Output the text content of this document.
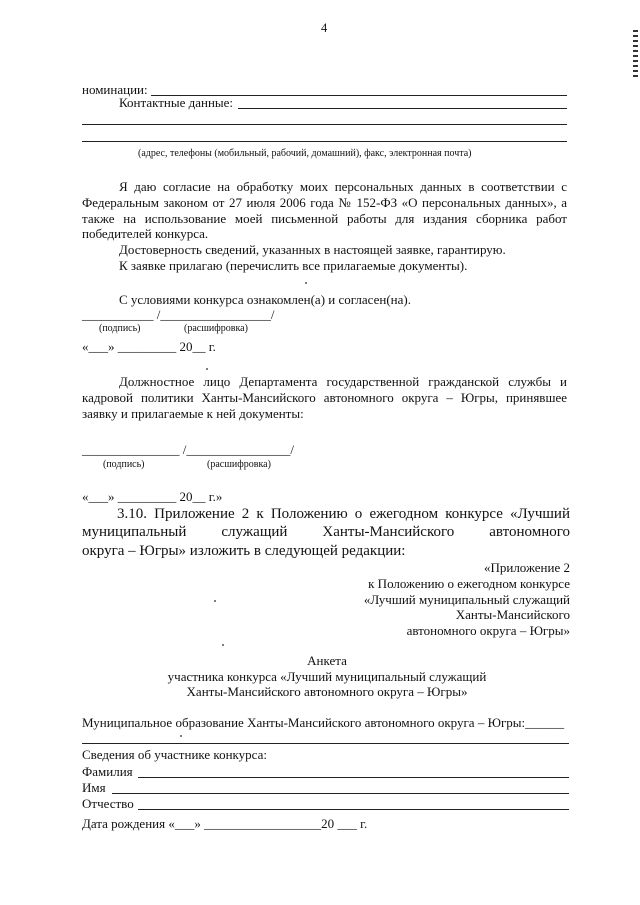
4
номинации:
Контактные данные:
(адрес, телефоны (мобильный, рабочий, домашний), факс, электронная почта)
Я даю согласие на обработку моих персональных данных в соответствии с
Федеральным законом от 27 июля 2006 года № 152-ФЗ «О персональных данных», а
также на использование моей письменной работы для издания сборника работ
победителей конкурса.
Достоверность сведений, указанных в настоящей заявке, гарантирую.
К заявке прилагаю (перечислить все прилагаемые документы).
С условиями конкурса ознакомлен(а) и согласен(на).
___________ /_________________/
(подпись)	(расшифровка)
«___» _________ 20__ г.
Должностное лицо Департамента государственной гражданской службы и
кадровой политики Ханты-Мансийского автономного округа – Югры, принявшее
заявку и прилагаемые к ней документы:
_______________ /________________/
(подпись)	(расшифровка)
«___» _________ 20__ г.»
3.10. Приложение 2 к Положению о ежегодном конкурсе «Лучший
муниципальный служащий Ханты-Мансийского автономного
округа – Югры» изложить в следующей редакции:
«Приложение 2
к Положению о ежегодном конкурсе
«Лучший муниципальный служащий
Ханты-Мансийского
автономного округа – Югры»
Анкета
участника конкурса «Лучший муниципальный служащий
Ханты-Мансийского автономного округа – Югры»
Муниципальное образование Ханты-Мансийского автономного округа – Югры:______
Сведения об участнике конкурса:
Фамилия
Имя
Отчество
Дата рождения «___» __________________20 ___ г.
